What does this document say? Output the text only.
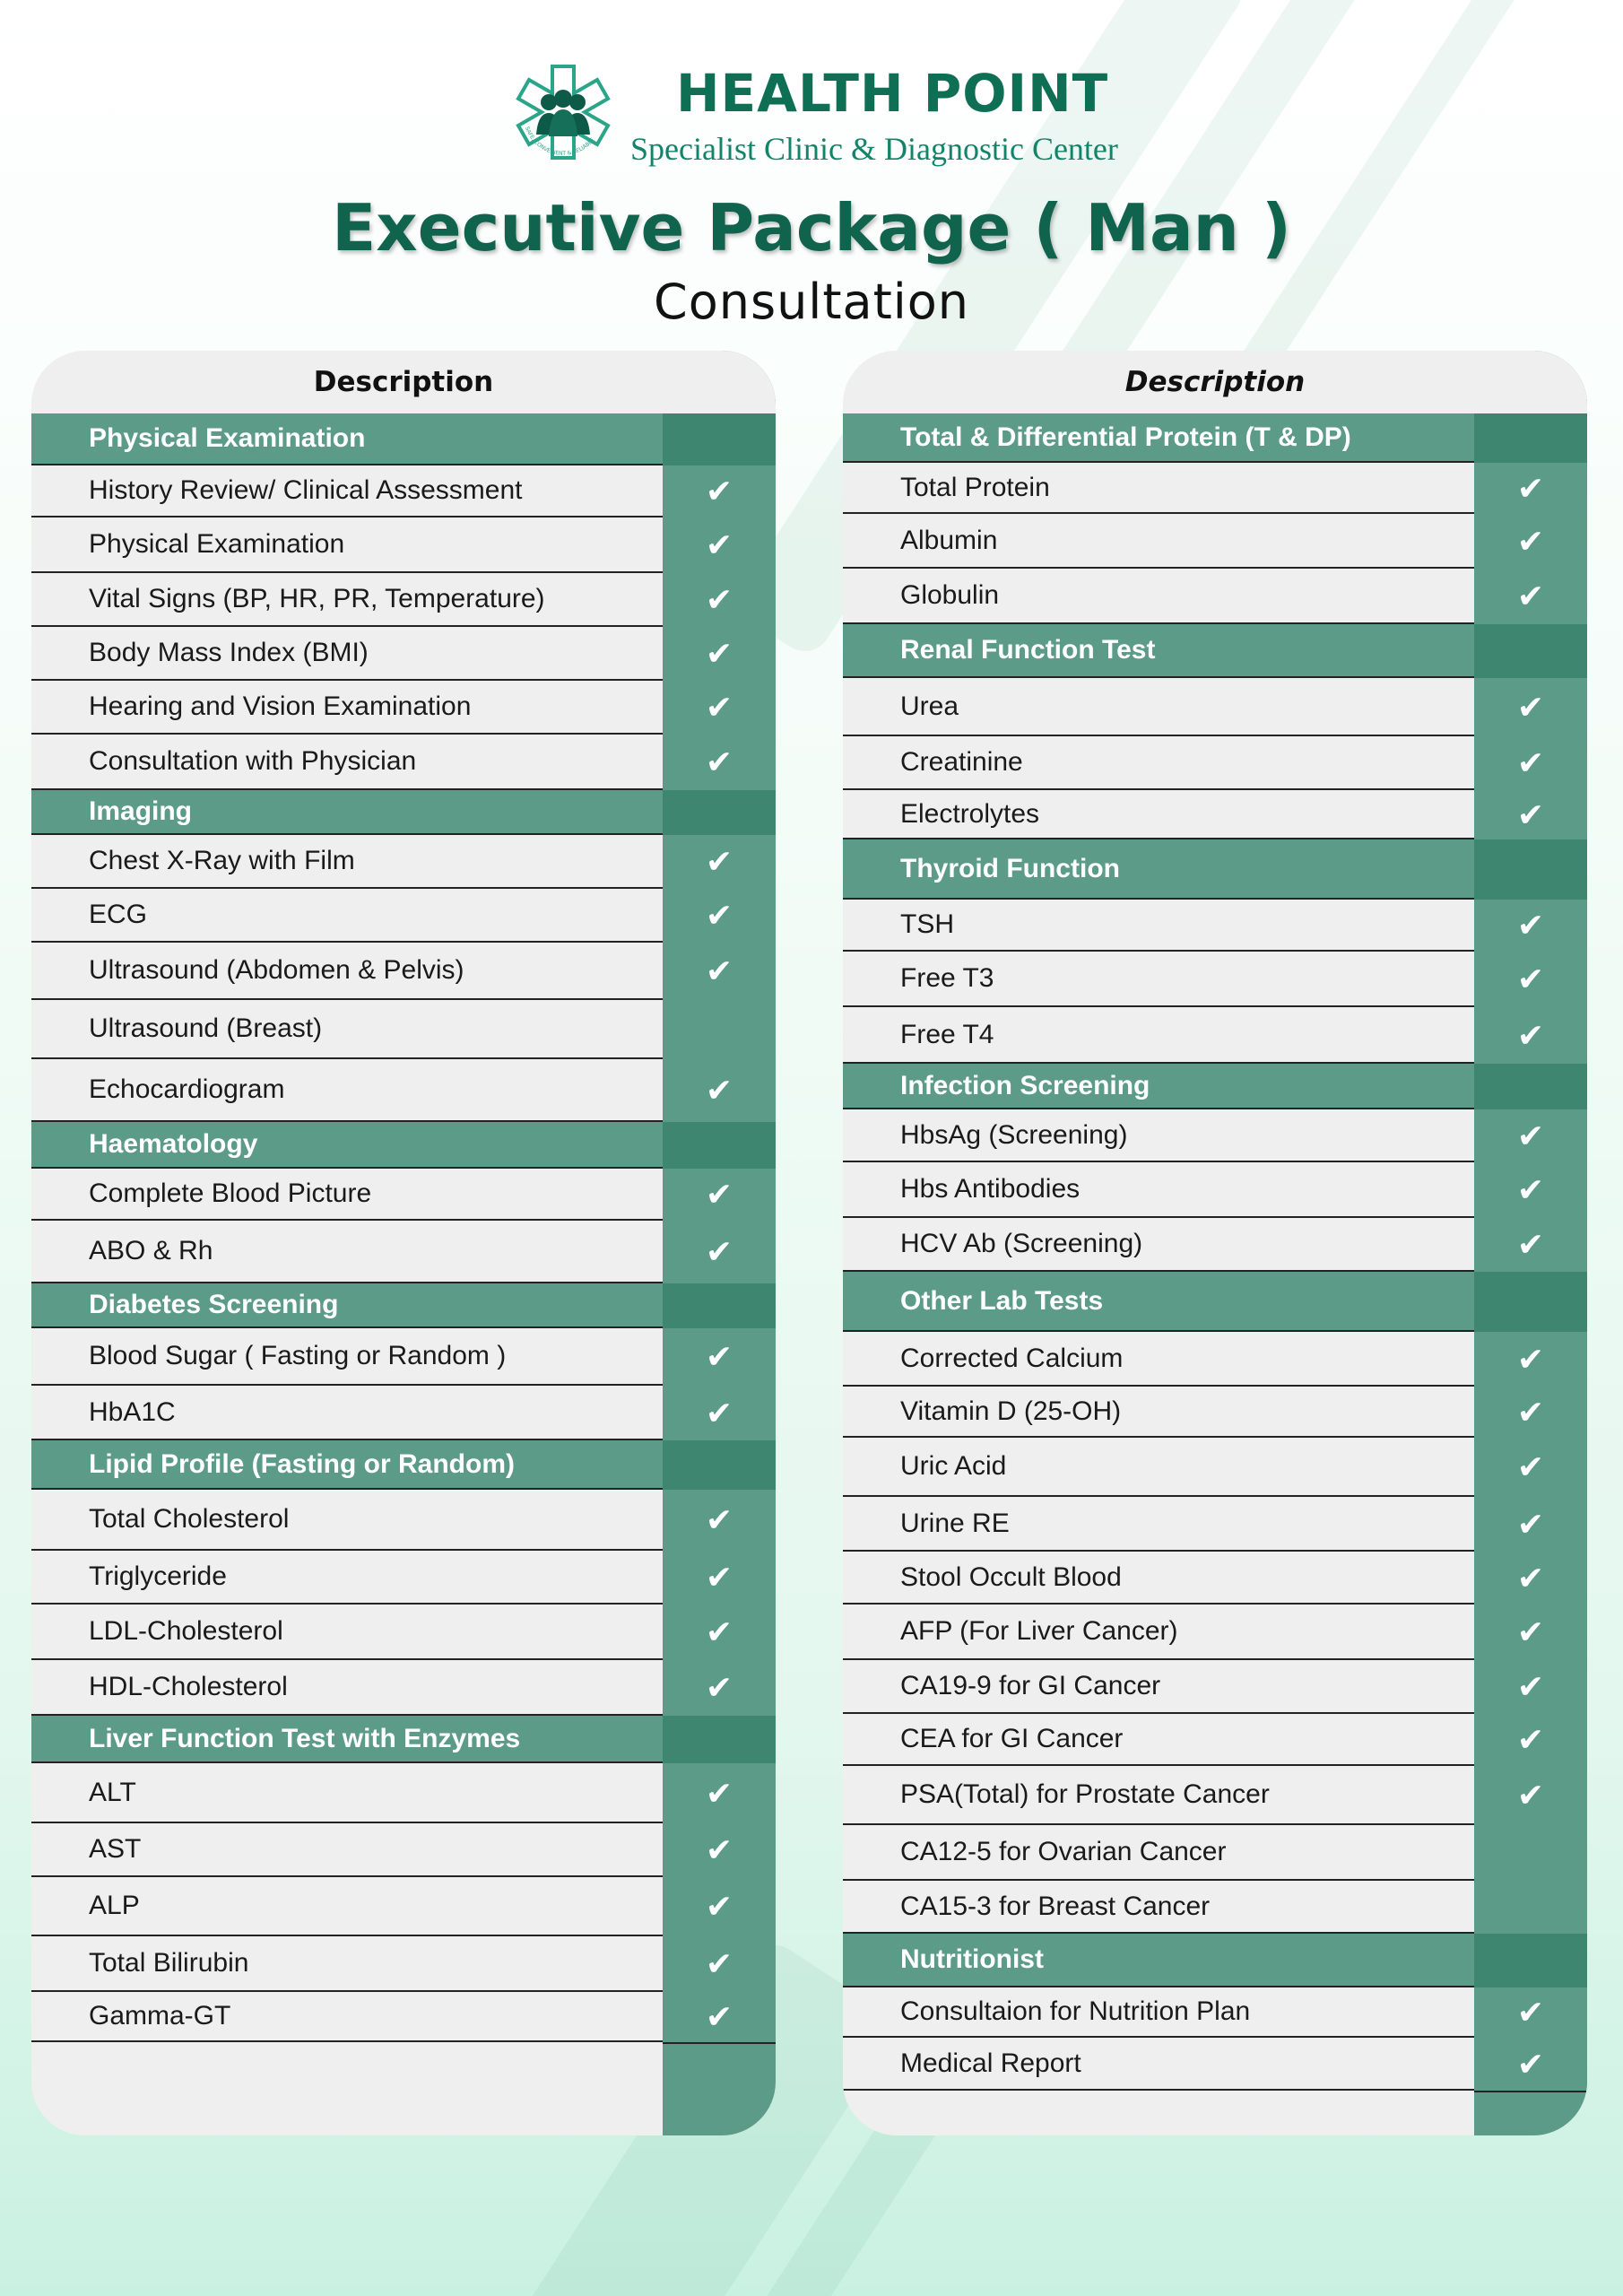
SAFE, CONVENIENT & RELIABLE
HEALTH POINT
Specialist Clinic & Diagnostic Center
Executive Package ( Man )
Consultation
Description
Physical Examination
History Review/ Clinical Assessment	✔
Physical Examination	✔
Vital Signs (BP, HR, PR, Temperature)	✔
Body Mass Index (BMI)	✔
Hearing and Vision Examination	✔
Consultation with Physician	✔
Imaging
Chest X-Ray with Film	✔
ECG	✔
Ultrasound (Abdomen & Pelvis)	✔
Ultrasound (Breast)
Echocardiogram	✔
Haematology
Complete Blood Picture	✔
ABO & Rh	✔
Diabetes Screening
Blood Sugar ( Fasting or Random )	✔
HbA1C	✔
Lipid Profile (Fasting or Random)
Total Cholesterol	✔
Triglyceride	✔
LDL-Cholesterol	✔
HDL-Cholesterol	✔
Liver Function Test with Enzymes
ALT	✔
AST	✔
ALP	✔
Total Bilirubin	✔
Gamma-GT	✔
Description
Total & Differential Protein (T & DP)
Total Protein	✔
Albumin	✔
Globulin	✔
Renal Function Test
Urea	✔
Creatinine	✔
Electrolytes	✔
Thyroid Function
TSH	✔
Free T3	✔
Free T4	✔
Infection Screening
HbsAg (Screening)	✔
Hbs Antibodies	✔
HCV Ab (Screening)	✔
Other Lab Tests
Corrected Calcium	✔
Vitamin D (25-OH)	✔
Uric Acid	✔
Urine RE	✔
Stool Occult Blood	✔
AFP (For Liver Cancer)	✔
CA19-9 for GI Cancer	✔
CEA for GI Cancer	✔
PSA(Total) for Prostate Cancer	✔
CA12-5 for Ovarian Cancer
CA15-3 for Breast Cancer
Nutritionist
Consultaion for Nutrition Plan	✔
Medical Report	✔
